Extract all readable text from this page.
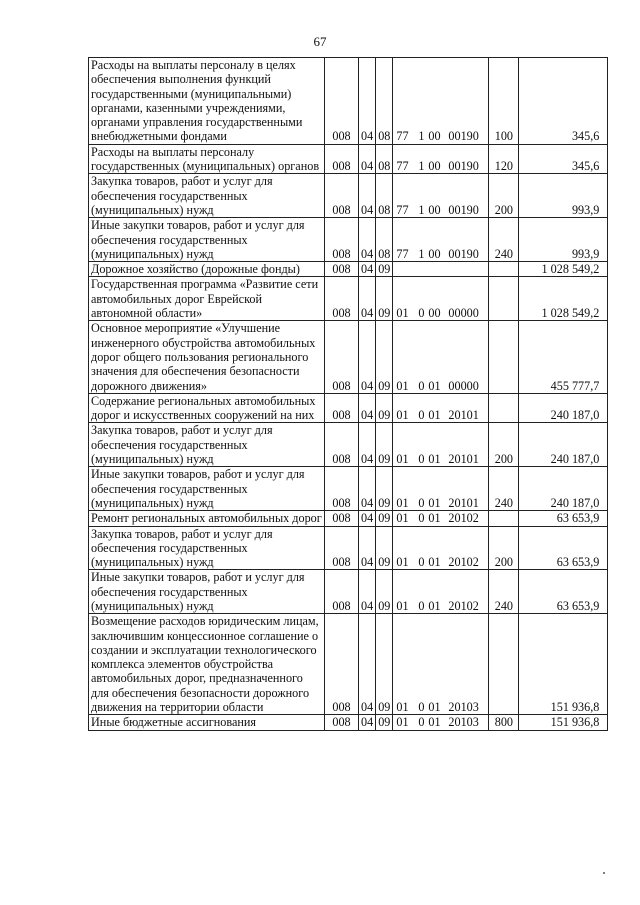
67
Расходы на выплаты персоналу в целях обеспечения выполнения функций государственными (муниципальными) органами, казенными учреждениями, органами управления государственными внебюджетными фондами	008	04	08	77 1 00 00190	100	345,6
Расходы на выплаты персоналу государственных (муниципальных) органов	008	04	08	77 1 00 00190	120	345,6
Закупка товаров, работ и услуг для обеспечения государственных (муниципальных) нужд	008	04	08	77 1 00 00190	200	993,9
Иные закупки товаров, работ и услуг для обеспечения государственных (муниципальных) нужд	008	04	08	77 1 00 00190	240	993,9
Дорожное хозяйство (дорожные фонды)	008	04	09			1 028 549,2
Государственная программа «Развитие сети автомобильных дорог Еврейской автономной области»	008	04	09	01 0 00 00000		1 028 549,2
Основное мероприятие «Улучшение инженерного обустройства автомобильных дорог общего пользования регионального значения для обеспечения безопасности дорожного движения»	008	04	09	01 0 01 00000		455 777,7
Содержание региональных автомобильных дорог и искусственных сооружений на них	008	04	09	01 0 01 20101		240 187,0
Закупка товаров, работ и услуг для обеспечения государственных (муниципальных) нужд	008	04	09	01 0 01 20101	200	240 187,0
Иные закупки товаров, работ и услуг для обеспечения государственных (муниципальных) нужд	008	04	09	01 0 01 20101	240	240 187,0
Ремонт региональных автомобильных дорог	008	04	09	01 0 01 20102		63 653,9
Закупка товаров, работ и услуг для обеспечения государственных (муниципальных) нужд	008	04	09	01 0 01 20102	200	63 653,9
Иные закупки товаров, работ и услуг для обеспечения государственных (муниципальных) нужд	008	04	09	01 0 01 20102	240	63 653,9
Возмещение расходов юридическим лицам, заключившим концессионное соглашение о создании и эксплуатации технологического комплекса элементов обустройства автомобильных дорог, предназначенного для обеспечения безопасности дорожного движения на территории области	008	04	09	01 0 01 20103		151 936,8
Иные бюджетные ассигнования	008	04	09	01 0 01 20103	800	151 936,8
